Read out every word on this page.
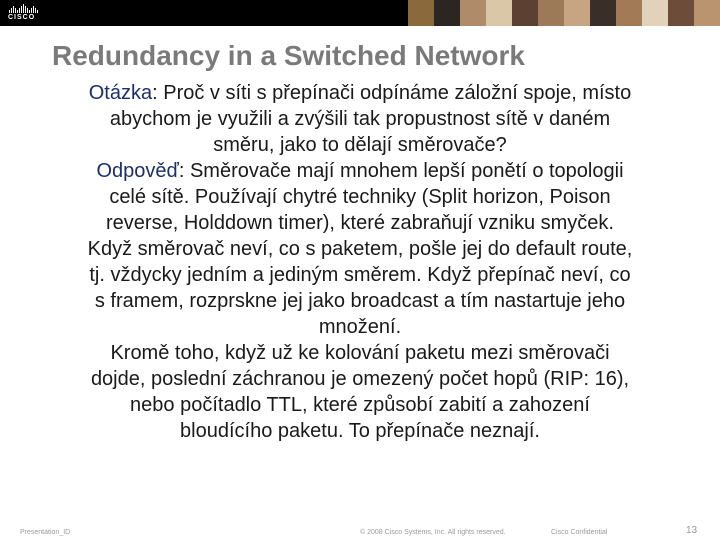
CISCO
Redundancy in a Switched Network
Otázka: Proč v síti s přepínači odpínáme záložní spoje, místo
abychom je využili a zvýšili tak propustnost sítě v daném
směru, jako to dělají směrovače?
Odpověď: Směrovače mají mnohem lepší ponětí o topologii
celé sítě. Používají chytré techniky (Split horizon, Poison
reverse, Holddown timer), které zabraňují vzniku smyček.
Když směrovač neví, co s paketem, pošle jej do default route,
tj. vždycky jedním a jediným směrem. Když přepínač neví, co
s framem, rozprskne jej jako broadcast a tím nastartuje jeho
množení.
Kromě toho, když už ke kolování paketu mezi směrovači
dojde, poslední záchranou je omezený počet hopů (RIP: 16),
nebo počítadlo TTL, které způsobí zabití a zahození
bloudícího paketu. To přepínače neznají.
Presentation_ID	© 2008 Cisco Systems, Inc. All rights reserved.	Cisco Confidential	13
